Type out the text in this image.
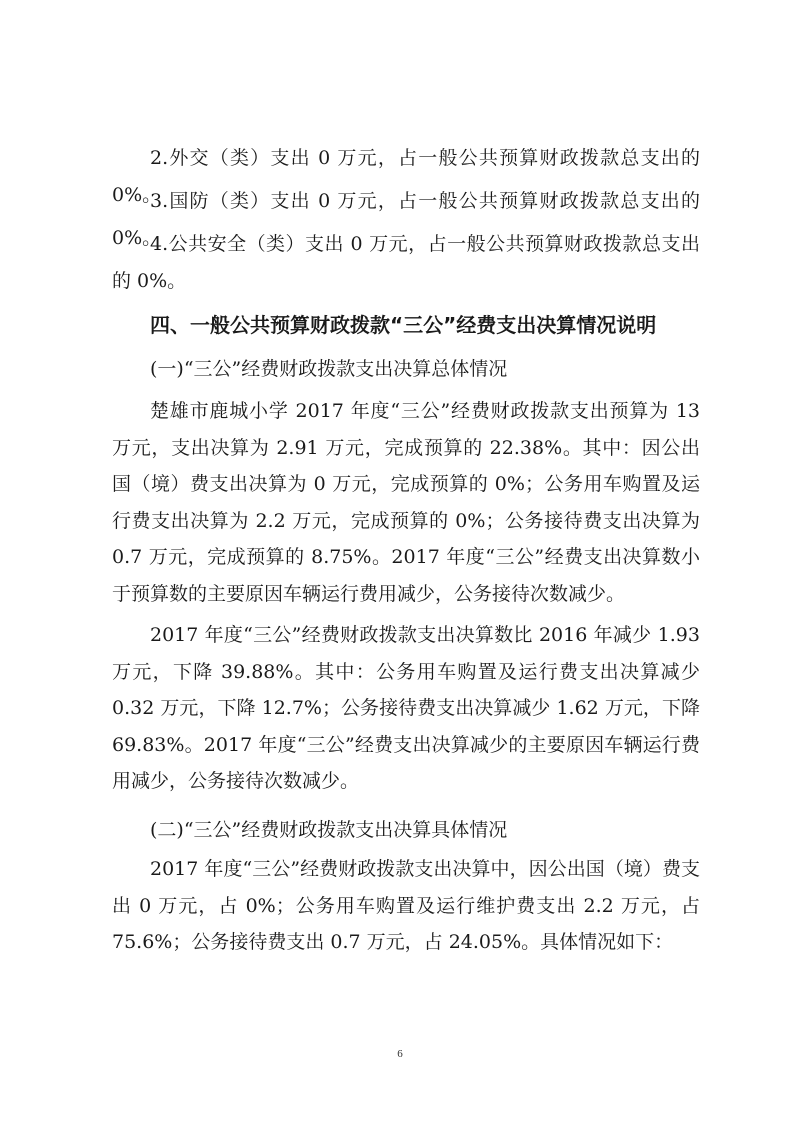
2.外交（类）支出 0 万元，占一般公共预算财政拨款总支出的 0%。

3.国防（类）支出 0 万元，占一般公共预算财政拨款总支出的 0%。

4.公共安全（类）支出 0 万元，占一般公共预算财政拨款总支出的 0%。

四、一般公共预算财政拨款“三公”经费支出决算情况说明

(一)“三公”经费财政拨款支出决算总体情况

楚雄市鹿城小学 2017 年度“三公”经费财政拨款支出预算为 13 万元，支出决算为 2.91 万元，完成预算的 22.38%。其中：因公出国（境）费支出决算为 0 万元，完成预算的 0%；公务用车购置及运行费支出决算为 2.2 万元，完成预算的 0%；公务接待费支出决算为0.7 万元，完成预算的 8.75%。2017 年度“三公”经费支出决算数小于预算数的主要原因车辆运行费用减少，公务接待次数减少。

2017 年度“三公”经费财政拨款支出决算数比 2016 年减少 1.93 万元，下降 39.88%。其中：公务用车购置及运行费支出决算减少 0.32 万元，下降 12.7%；公务接待费支出决算减少 1.62 万元，下降 69.83%。2017 年度“三公”经费支出决算减少的主要原因车辆运行费用减少，公务接待次数减少。

(二)“三公”经费财政拨款支出决算具体情况

2017 年度“三公”经费财政拨款支出决算中，因公出国（境）费支出 0 万元，占 0%；公务用车购置及运行维护费支出 2.2 万元，占 75.6%；公务接待费支出 0.7 万元，占 24.05%。具体情况如下：

6
